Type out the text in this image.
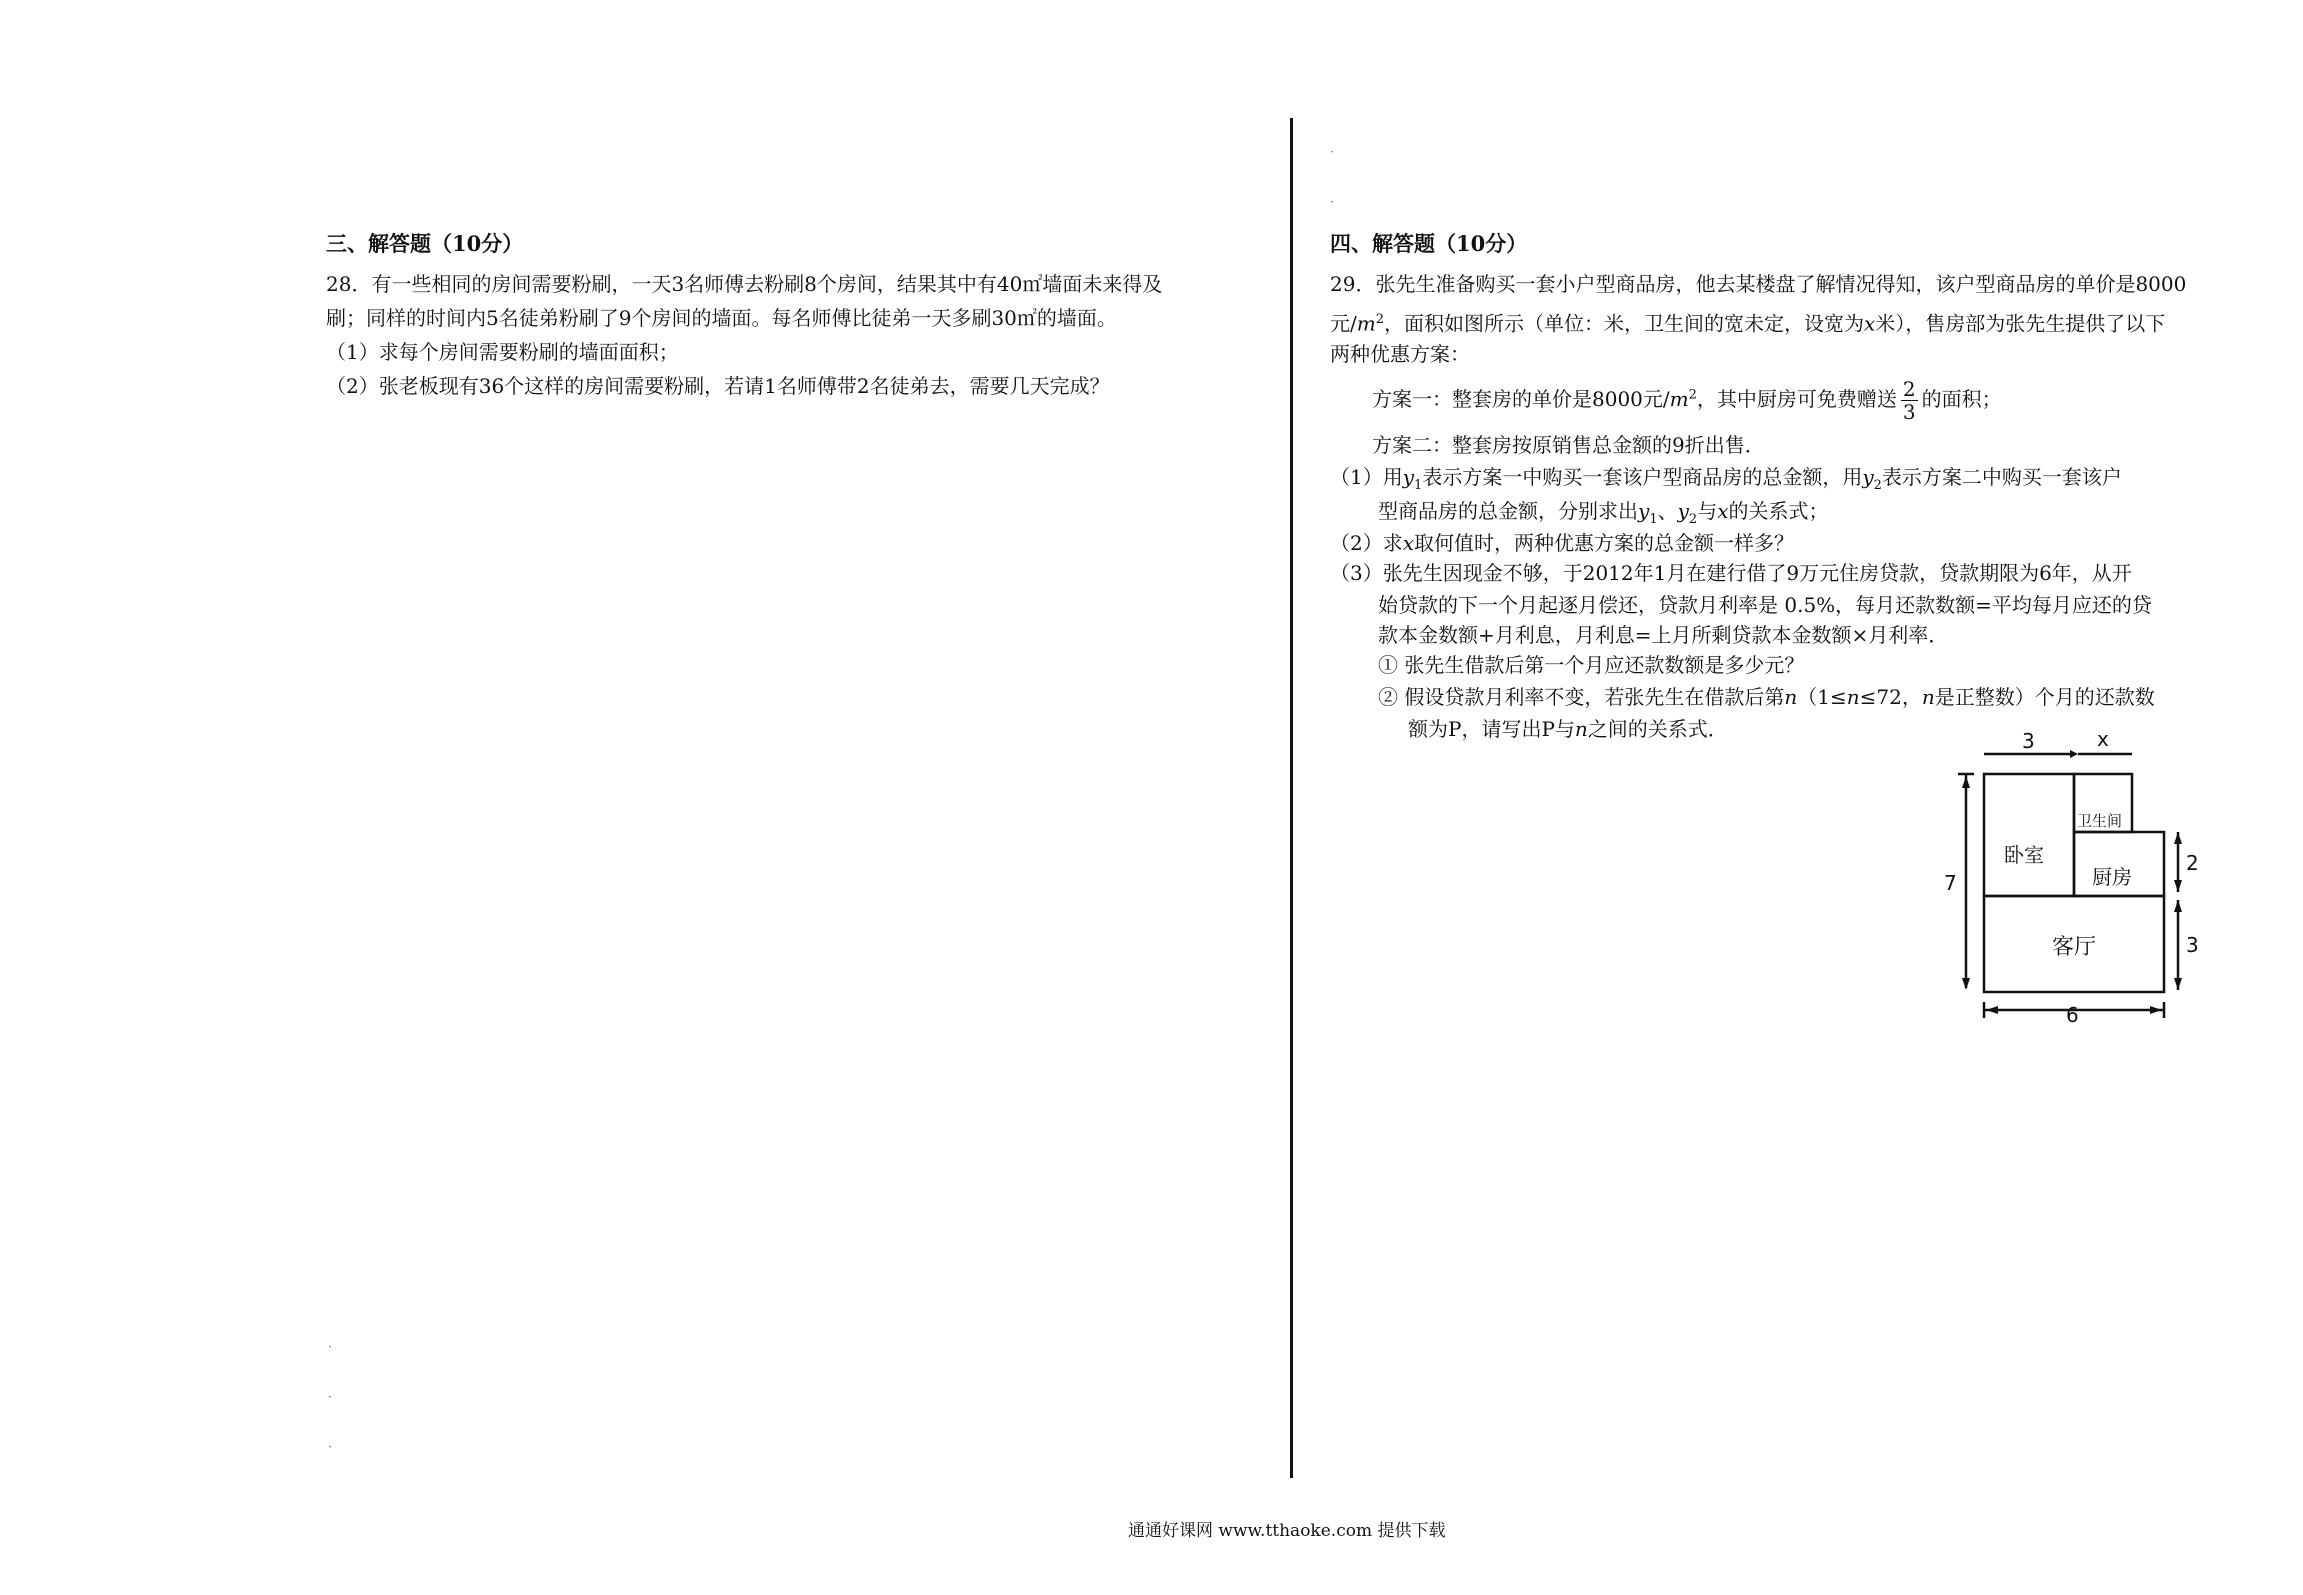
三、解答题（10分）
28．有一些相同的房间需要粉刷，一天3名师傅去粉刷8个房间，结果其中有40㎡墙面未来得及
刷；同样的时间内5名徒弟粉刷了9个房间的墙面。每名师傅比徒弟一天多刷30㎡的墙面。
（1）求每个房间需要粉刷的墙面面积；
（2）张老板现有36个这样的房间需要粉刷，若请1名师傅带2名徒弟去，需要几天完成？
四、解答题（10分）
29．张先生准备购买一套小户型商品房，他去某楼盘了解情况得知，该户型商品房的单价是8000
元$/m^2$，面积如图所示（单位：米，卫生间的宽未定，设宽为x米），售房部为张先生提供了以下
两种优惠方案：
方案一：整套房的单价是8000元$/m^2$，其中厨房可免费赠送 $\frac{2}{3}$ 的面积；
方案二：整套房按原销售总金额的9折出售．
（1）用$y_1$表示方案一中购买一套该户型商品房的总金额，用$y_2$表示方案二中购买一套该户
型商品房的总金额，分别求出$y_1$、$y_2$与x的关系式；
（2）求x取何值时，两种优惠方案的总金额一样多？
（3）张先生因现金不够，于2012年1月在建行借了9万元住房贷款，贷款期限为6年，从开
始贷款的下一个月起逐月偿还，贷款月利率是 0.5%，每月还款数额=平均每月应还的贷
款本金数额+月利息，月利息=上月所剩贷款本金数额×月利率．
① 张先生借款后第一个月应还款数额是多少元？
② 假设贷款月利率不变，若张先生在借款后第n（1≤n≤72，n是正整数）个月的还款数
额为P，请写出P与n之间的关系式．	3	x
7
2
3
6
卧室
卫生间
厨房
客厅
·
·
·
·
·
通通好课网 www.tthaoke.com 提供下载
